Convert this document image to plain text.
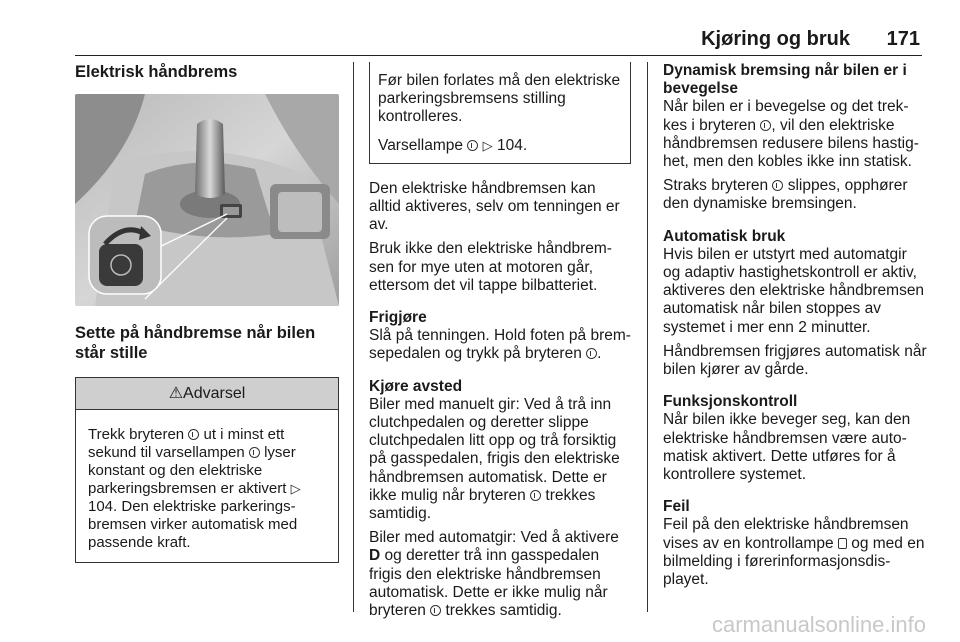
Kjøring og bruk 171
Elektrisk håndbrems
Sette på håndbremse når bilen står stille
⚠Advarsel
Trekk bryteren ut i minst ett sekund til varsellampen lyser konstant og den elektriske parkeringsbremsen er aktivert ▷ 104. Den elektriske parkeringsbremsen virker automatisk med passende kraft.

Før bilen forlates må den elektriske parkeringsbremsens stilling kontrolleres.

Varsellampe ▷ 104.

Den elektriske håndbremsen kan alltid aktiveres, selv om tenningen er av.

Bruk ikke den elektriske håndbremsen for mye uten at motoren går, ettersom det vil tappe bilbatteriet.

Frigjøre
Slå på tenningen. Hold foten på bremsepedalen og trykk på bryteren .
Kjøre avsted

Biler med manuelt gir: Ved å trå inn clutchpedalen og deretter slippe clutchpedalen litt opp og trå forsiktig på gasspedalen, frigis den elektriske håndbremsen automatisk. Dette er ikke mulig når bryteren trekkes samtidig.

Biler med automatgir: Ved å aktivere D og deretter trå inn gasspedalen frigis den elektriske håndbremsen automatisk. Dette er ikke mulig når bryteren trekkes samtidig.

Dynamisk bremsing når bilen er i bevegelse

Når bilen er i bevegelse og det trekkes i bryteren , vil den elektriske håndbremsen redusere bilens hastighet, men den kobles ikke inn statisk.

Straks bryteren slippes, opphører den dynamiske bremsingen.

Automatisk bruk

Hvis bilen er utstyrt med automatgir og adaptiv hastighetskontroll er aktiv, aktiveres den elektriske håndbremsen automatisk når bilen stoppes av systemet i mer enn 2 minutter.

Håndbremsen frigjøres automatisk når bilen kjører av gårde.

Funksjonskontroll

Når bilen ikke beveger seg, kan den elektriske håndbremsen være automatisk aktivert. Dette utføres for å kontrollere systemet.

Feil

Feil på den elektriske håndbremsen vises av en kontrollampe og med en bilmelding i førerinformasjonsdisplayet.

carmanualsonline.info
